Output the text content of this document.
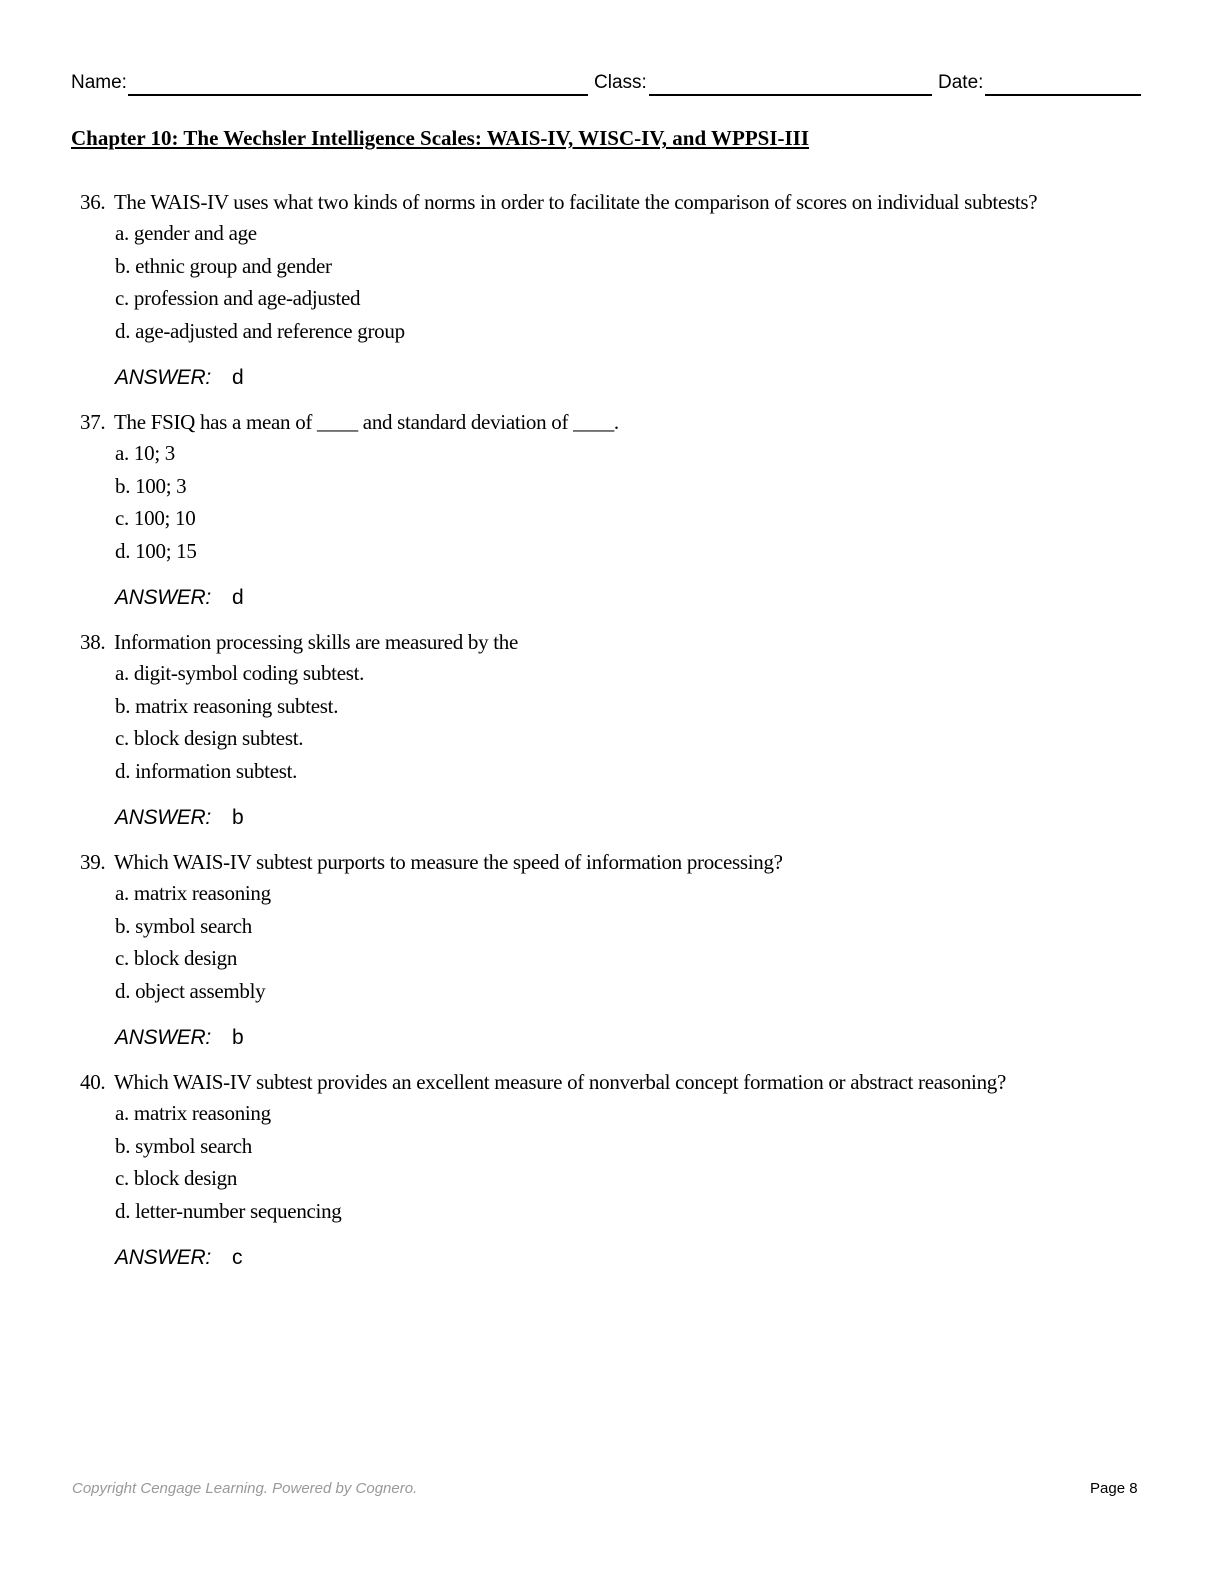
Name:	Class:	Date:
Chapter 10: The Wechsler Intelligence Scales: WAIS-IV, WISC-IV, and WPPSI-III
36. The WAIS-IV uses what two kinds of norms in order to facilitate the comparison of scores on individual subtests?
a. gender and age
b. ethnic group and gender
c. profession and age-adjusted
d. age-adjusted and reference group
ANSWER: d
37. The FSIQ has a mean of ____ and standard deviation of ____.
a. 10; 3
b. 100; 3
c. 100; 10
d. 100; 15
ANSWER: d
38. Information processing skills are measured by the
a. digit-symbol coding subtest.
b. matrix reasoning subtest.
c. block design subtest.
d. information subtest.
ANSWER: b
39. Which WAIS-IV subtest purports to measure the speed of information processing?
a. matrix reasoning
b. symbol search
c. block design
d. object assembly
ANSWER: b
40. Which WAIS-IV subtest provides an excellent measure of nonverbal concept formation or abstract reasoning?
a. matrix reasoning
b. symbol search
c. block design
d. letter-number sequencing
ANSWER: c
Copyright Cengage Learning. Powered by Cognero.	Page 8
